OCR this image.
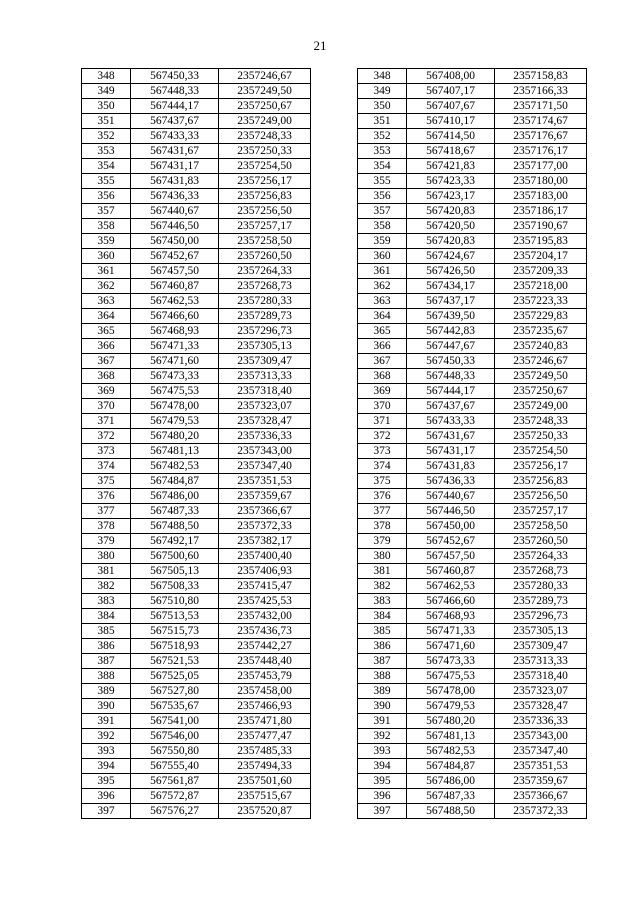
21
348	567450,33	2357246,67		348	567408,00	2357158,83
349	567448,33	2357249,50		349	567407,17	2357166,33
350	567444,17	2357250,67		350	567407,67	2357171,50
351	567437,67	2357249,00		351	567410,17	2357174,67
352	567433,33	2357248,33		352	567414,50	2357176,67
353	567431,67	2357250,33		353	567418,67	2357176,17
354	567431,17	2357254,50		354	567421,83	2357177,00
355	567431,83	2357256,17		355	567423,33	2357180,00
356	567436,33	2357256,83		356	567423,17	2357183,00
357	567440,67	2357256,50		357	567420,83	2357186,17
358	567446,50	2357257,17		358	567420,50	2357190,67
359	567450,00	2357258,50		359	567420,83	2357195,83
360	567452,67	2357260,50		360	567424,67	2357204,17
361	567457,50	2357264,33		361	567426,50	2357209,33
362	567460,87	2357268,73		362	567434,17	2357218,00
363	567462,53	2357280,33		363	567437,17	2357223,33
364	567466,60	2357289,73		364	567439,50	2357229,83
365	567468,93	2357296,73		365	567442,83	2357235,67
366	567471,33	2357305,13		366	567447,67	2357240,83
367	567471,60	2357309,47		367	567450,33	2357246,67
368	567473,33	2357313,33		368	567448,33	2357249,50
369	567475,53	2357318,40		369	567444,17	2357250,67
370	567478,00	2357323,07		370	567437,67	2357249,00
371	567479,53	2357328,47		371	567433,33	2357248,33
372	567480,20	2357336,33		372	567431,67	2357250,33
373	567481,13	2357343,00		373	567431,17	2357254,50
374	567482,53	2357347,40		374	567431,83	2357256,17
375	567484,87	2357351,53		375	567436,33	2357256,83
376	567486,00	2357359,67		376	567440,67	2357256,50
377	567487,33	2357366,67		377	567446,50	2357257,17
378	567488,50	2357372,33		378	567450,00	2357258,50
379	567492,17	2357382,17		379	567452,67	2357260,50
380	567500,60	2357400,40		380	567457,50	2357264,33
381	567505,13	2357406,93		381	567460,87	2357268,73
382	567508,33	2357415,47		382	567462,53	2357280,33
383	567510,80	2357425,53		383	567466,60	2357289,73
384	567513,53	2357432,00		384	567468,93	2357296,73
385	567515,73	2357436,73		385	567471,33	2357305,13
386	567518,93	2357442,27		386	567471,60	2357309,47
387	567521,53	2357448,40		387	567473,33	2357313,33
388	567525,05	2357453,79		388	567475,53	2357318,40
389	567527,80	2357458,00		389	567478,00	2357323,07
390	567535,67	2357466,93		390	567479,53	2357328,47
391	567541,00	2357471,80		391	567480,20	2357336,33
392	567546,00	2357477,47		392	567481,13	2357343,00
393	567550,80	2357485,33		393	567482,53	2357347,40
394	567555,40	2357494,33		394	567484,87	2357351,53
395	567561,87	2357501,60		395	567486,00	2357359,67
396	567572,87	2357515,67		396	567487,33	2357366,67
397	567576,27	2357520,87		397	567488,50	2357372,33
